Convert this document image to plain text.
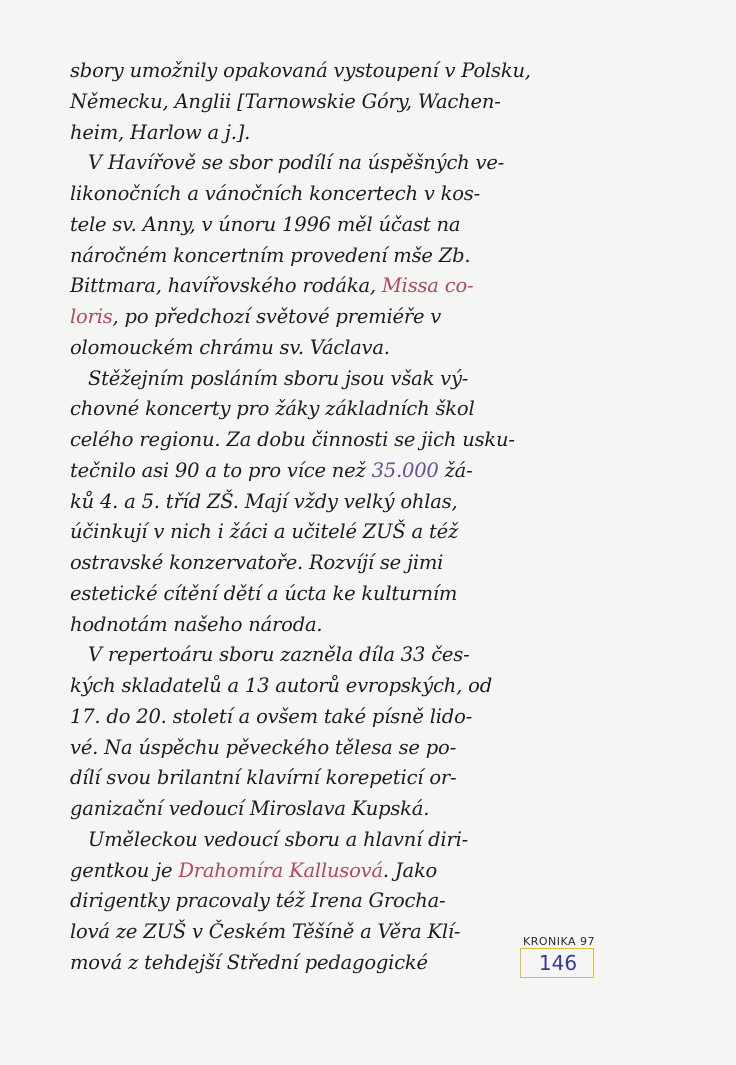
sbory umožnily opakovaná vystoupení v Polsku,
Německu, Anglii [Tarnowskie Góry, Wachen-
heim, Harlow a j.].
V Havířově se sbor podílí na úspěšných ve-
likonočních a vánočních koncertech v kos-
tele sv. Anny, v únoru 1996 měl účast na
náročném koncertním provedení mše Zb.
Bittmara, havířovského rodáka, Missa co-
loris, po předchozí světové premiéře v
olomouckém chrámu sv. Václava.
Stěžejním posláním sboru jsou však vý-
chovné koncerty pro žáky základních škol
celého regionu. Za dobu činnosti se jich usku-
tečnilo asi 90 a to pro více než 35.000 žá-
ků 4. a 5. tříd ZŠ. Mají vždy velký ohlas,
účinkují v nich i žáci a učitelé ZUŠ a též
ostravské konzervatoře. Rozvíjí se jimi
estetické cítění dětí a úcta ke kulturním
hodnotám našeho národa.
V repertoáru sboru zazněla díla 33 čes-
kých skladatelů a 13 autorů evropských, od
17. do 20. století a ovšem také písně lido-
vé. Na úspěchu pěveckého tělesa se po-
dílí svou brilantní klavírní korepeticí or-
ganizační vedoucí Miroslava Kupská.
Uměleckou vedoucí sboru a hlavní diri-
gentkou je Drahomíra Kallusová. Jako
dirigentky pracovaly též Irena Grocha-
lová ze ZUŠ v Českém Těšíně a Věra Klí-
mová z tehdejší Střední pedagogické
KRONIKA 97
146
